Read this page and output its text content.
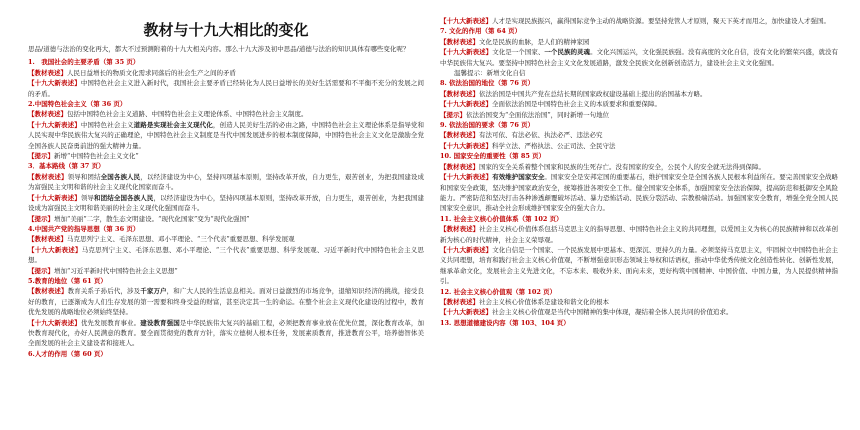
教材与十九大相比的变化

思品/道德与法治的变化再大，都大不过预测附着的十九大相关内容。那么十九大涉及初中思品/道德与法治的知识具体有哪些变化呢？

1.　我国社会的主要矛盾（第 35 页）

【教材表述】人民日益增长的物质文化需求同落后的社会生产之间的矛盾

【十九大新表述】中国特色社会主义进入新时代，我国社会主要矛盾已经转化为人民日益增长的美好生活需要和不平衡不充分的发展之间的矛盾。

2.中国特色社会主义（第 36 页）

【教材表述】包括中国特色社会主义道路、中国特色社会主义理论体系、中国特色社会主义制度。

【十九大新表述】中国特色社会主义道路是实现社会主义现代化，创造人民美好生活的必由之路，中国特色社会主义理论体系是指导党和人民实现中华民族伟大复兴的正确理论，中国特色社会主义制度是当代中国发展进步的根本制度保障，中国特色社会主义文化是激励全党全国各族人民奋勇前进的强大精神力量。

【提示】新增“中国特色社会主义文化”

3．基本路线（第 37 页）

【教材表述】领导和团结全国各族人民，以经济建设为中心，坚持四项基本原则，坚持改革开放，自力更生，艰苦创业，为把我国建设成为富强民主文明和谐的社会主义现代化国家而奋斗。

【十九大新表述】领导和团结全国各族人民，以经济建设为中心，坚持四项基本原则，坚持改革开放，自力更生，艰苦创业，为把我国建设成为富强民主文明和谐美丽的社会主义现代化强国而奋斗。

【提示】增加“美丽”二字，散生态文明建设。“现代化国家”变为“现代化强国”

4.中国共产党的指导思想（第 36 页）

【教材表述】马克思列宁主义、毛泽东思想、邓小平理论、“三个代表”重要思想、科学发展观

【十九大新表述】马克思列宁主义、毛泽东思想、邓小平理论、“三个代表”重要思想、科学发展观、习近平新时代中国特色社会主义思想。

【提示】增加“习近平新时代中国特色社会主义思想”

5.教育的地位（第 61 页）

【教材表述】教育关系子孙后代，涉及千家万户，和广大人民的生活息息相关。面对日益激烈的市场竞争，退缩知识经济的挑战，接受良好的教育，已逐渐成为人们生存发展的第一需要和终身受益的财富，甚至决定其一生的命运。在整个社会主义现代化建设的过程中，教育优先发展的战略地位必须始终坚持。

【十九大新表述】优先发展教育事业。建设教育强国是中华民族伟大复兴的基础工程，必须把教育事业放在优先位置，深化教育改革，加快教育现代化，办好人民满意的教育。要全面贯彻党的教育方针，落实立德树人根本任务，发展素质教育，推进教育公平，培养德智体美全面发展的社会主义建设者和接班人。

6.人才的作用（第 60 页）

【十九大新表述】人才是实现民族振兴，赢得国际竞争主动的战略资源。要坚持党管人才原则，聚天下英才而用之，加快建设人才强国。

7. 文化的作用（第 64 页）

【教材表述】文化是民族的血脉，是人们的精神家园

【十九大新表述】文化是一个国家、一个民族的灵魂。文化兴国运兴，文化强民族强。没有高度的文化自信，没有文化的繁荣兴盛，就没有中华民族伟大复兴。要坚持中国特色社会主义文化发展道路，激发全民族文化创新创造活力，建设社会主义文化强国。

温馨提示：新增文化自信

8. 依法治国的地位（第 76 页）

【教材表述】依法治国是中国共产党在总结长期的国家政权建设基础上提出的治国基本方略。

【十九大新表述】全面依法治国是中国特色社会主义的本质要求和重要保障。

【提示】依法治国变为“全面依法治国”，同时新增一句地位

9. 依法治国的要求（第 76 页）

【教材表述】有法可依、有法必依、执法必严、违法必究

【十九大新表述】科学立法、严格执法、公正司法、全民守法

10. 国家安全的重要性（第 85 页）

【教材表述】国家的安全关系着整个国家和民族的生死存亡。没有国家的安全，公民个人的安全就无法得到保障。

【十九大新表述】有效维护国家安全。国家安全是安邦定国的重要基石，维护国家安全是全国各族人民根本利益所在。要完善国家安全战略和国家安全政策，坚决维护国家政治安全，统筹推进各项安全工作。健全国家安全体系，加强国家安全法治保障，提高防范和抵御安全风险能力。严密防范和坚决打击各种渗透颠覆破坏活动、暴力恐怖活动、民族分裂活动、宗教极端活动。加强国家安全教育，增强全党全国人民国家安全意识，推动全社会形成维护国家安全的强大合力。

11. 社会主义核心价值体系（第 102 页）

【教材表述】社会主义核心价值体系包括马克思主义的指导思想、中国特色社会主义的共同理想，以爱国主义为核心的民族精神和以改革创新为核心的时代精神，社会主义荣辱观。

【十九大新表述】文化自信是一个国家、一个民族发展中更基本、更深沉、更持久的力量。必须坚持马克思主义，牢固树立中国特色社会主义共同理想，培育和践行社会主义核心价值观，不断增强意识形态领域主导权和话语权，推动中华优秀传统文化创造性转化、创新性发展，继承革命文化，发展社会主义先进文化，不忘本来、吸收外来、面向未来，更好构筑中国精神、中国价值、中国力量，为人民提供精神指引。

12. 社会主义核心价值观（第 102 页）

【教材表述】社会主义核心价值体系是建设和谐文化的根本

【十九大新表述】社会主义核心价值观是当代中国精神的集中体现，凝结着全体人民共同的价值追求。

13. 思想道德建设内容（第 103、104 页）
